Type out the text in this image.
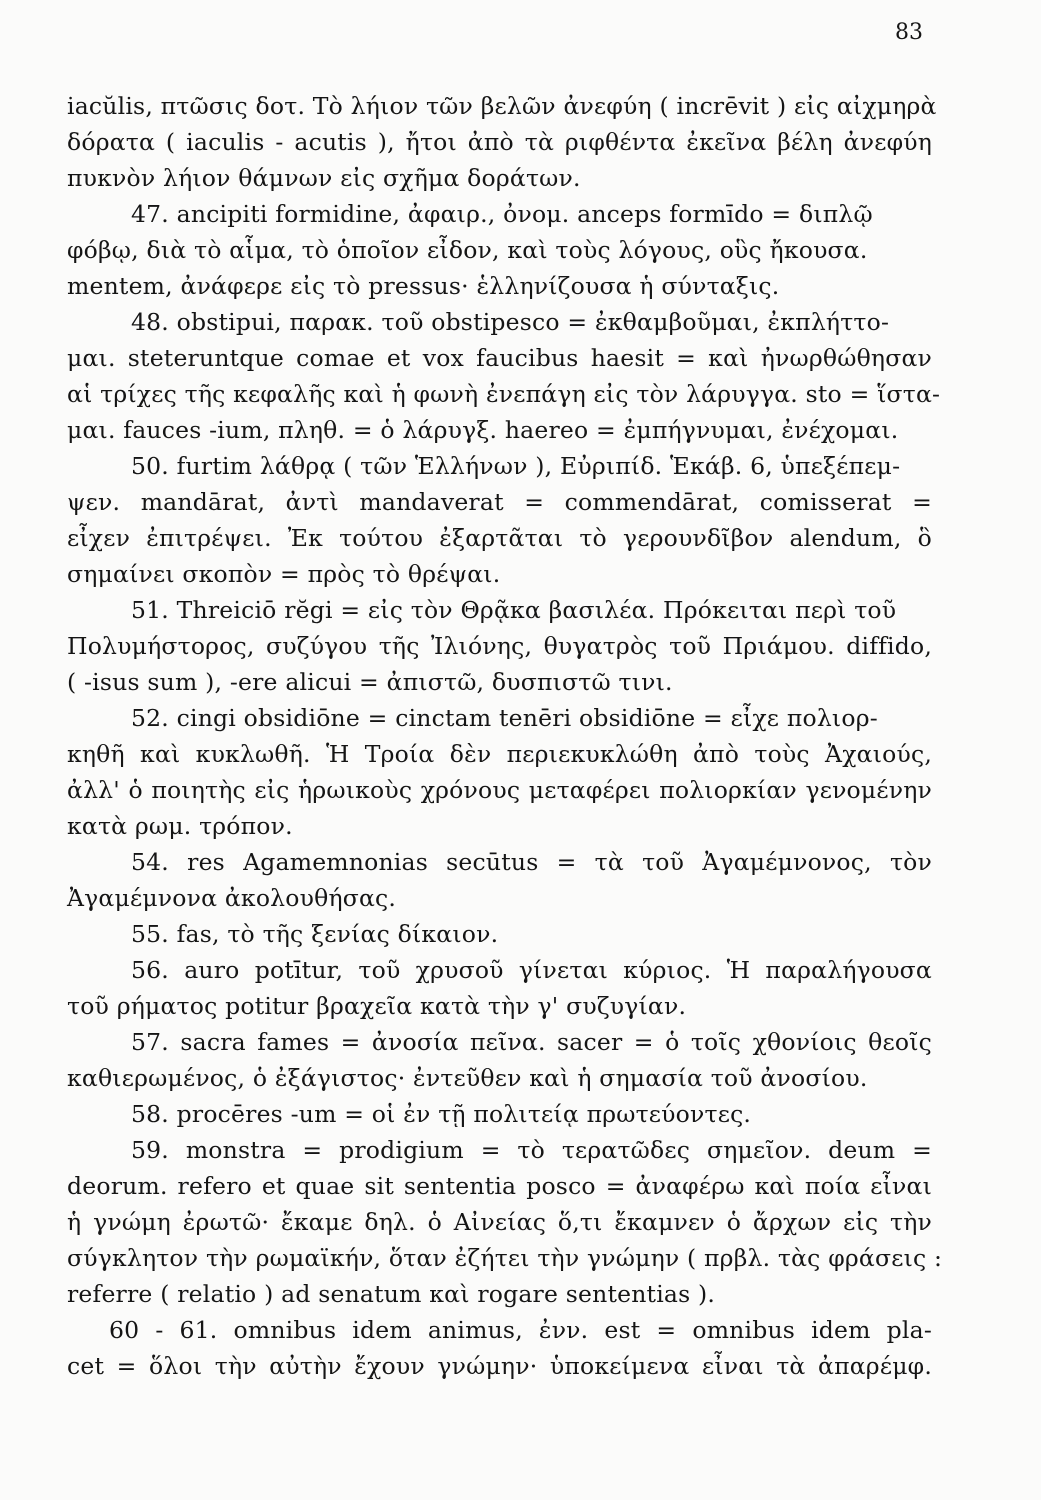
83
iacŭlis, πτῶσις δοτ. Τὸ λήιον τῶν βελῶν ἀνεφύη ( incrēvit ) εἰς αἰχμηρὰ
δόρατα ( iaculis - acutis ), ἤτοι ἀπὸ τὰ ριφθέντα ἐκεῖνα βέλη ἀνεφύη
πυκνὸν λήιον θάμνων εἰς σχῆμα δοράτων.
47. ancipiti formidine, ἀφαιρ., ὀνομ. anceps formīdo = διπλῷ
φόβῳ, διὰ τὸ αἷμα, τὸ ὁποῖον εἶδον, καὶ τοὺς λόγους, οὓς ἤκουσα.
mentem, ἀνάφερε εἰς τὸ pressus· ἑλληνίζουσα ἡ σύνταξις.
48. obstipui, παρακ. τοῦ obstipesco = ἐκθαμβοῦμαι, ἐκπλήττο-
μαι. steteruntque comae et vox faucibus haesit = καὶ ἠνωρθώθησαν
αἱ τρίχες τῆς κεφαλῆς καὶ ἡ φωνὴ ἐνεπάγη εἰς τὸν λάρυγγα. sto = ἵστα-
μαι. fauces -ium, πληθ. = ὁ λάρυγξ. haereo = ἐμπήγνυμαι, ἐνέχομαι.
50. furtim λάθρᾳ ( τῶν Ἑλλήνων ), Εὐριπίδ. Ἑκάβ. 6, ὑπεξέπεμ-
ψεν. mandārat, ἀντὶ mandaverat = commendārat, comisserat =
εἶχεν ἐπιτρέψει. Ἐκ τούτου ἐξαρτᾶται τὸ γερουνδῖβον alendum, ὃ
σημαίνει σκοπὸν = πρὸς τὸ θρέψαι.
51. Threiciō rĕgi = εἰς τὸν Θρᾷκα βασιλέα. Πρόκειται περὶ τοῦ
Πολυμήστορος, συζύγου τῆς Ἰλιόνης, θυγατρὸς τοῦ Πριάμου. diffido,
( -isus sum ), -ere alicui = ἀπιστῶ, δυσπιστῶ τινι.
52. cingi obsidiōne = cinctam tenēri obsidiōne = εἶχε πολιορ-
κηθῆ καὶ κυκλωθῆ. Ἡ Τροία δὲν περιεκυκλώθη ἀπὸ τοὺς Ἀχαιούς,
ἀλλ' ὁ ποιητὴς εἰς ἡρωικοὺς χρόνους μεταφέρει πολιορκίαν γενομένην
κατὰ ρωμ. τρόπον.
54. res Agamemnonias secūtus = τὰ τοῦ Ἀγαμέμνονος, τὸν
Ἀγαμέμνονα ἀκολουθήσας.
55. fas, τὸ τῆς ξενίας δίκαιον.
56. auro potītur, τοῦ χρυσοῦ γίνεται κύριος. Ἡ παραλήγουσα
τοῦ ρήματος potitur βραχεῖα κατὰ τὴν γ' συζυγίαν.
57. sacra fames = ἀνοσία πεῖνα. sacer = ὁ τοῖς χθονίοις θεοῖς
καθιερωμένος, ὁ ἐξάγιστος· ἐντεῦθεν καὶ ἡ σημασία τοῦ ἀνοσίου.
58. procēres -um = οἱ ἐν τῇ πολιτείᾳ πρωτεύοντες.
59. monstra = prodigium = τὸ τερατῶδες σημεῖον. deum =
deorum. refero et quae sit sententia posco = ἀναφέρω καὶ ποία εἶναι
ἡ γνώμη ἐρωτῶ· ἔκαμε δηλ. ὁ Αἰνείας ὅ,τι ἔκαμνεν ὁ ἄρχων εἰς τὴν
σύγκλητον τὴν ρωμαϊκήν, ὅταν ἐζήτει τὴν γνώμην ( πρβλ. τὰς φράσεις :
referre ( relatio ) ad senatum καὶ rogare sententias ).
60 - 61. omnibus idem animus, ἐνν. est = omnibus idem pla-
cet = ὅλοι τὴν αὐτὴν ἔχουν γνώμην· ὑποκείμενα εἶναι τὰ ἀπαρέμφ.
